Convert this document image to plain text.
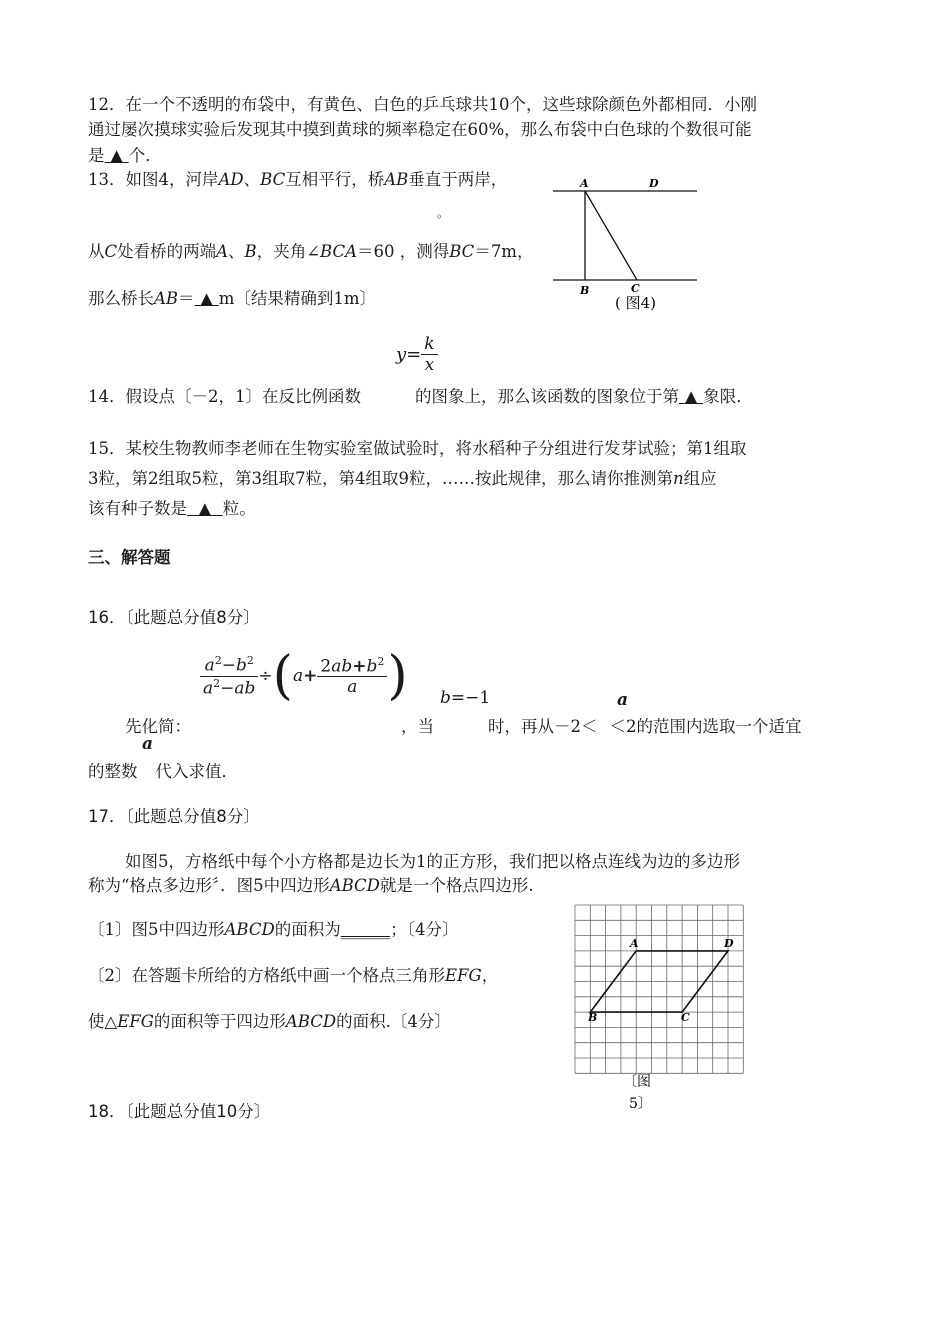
12．在一个不透明的布袋中，有黄色、白色的乒乓球共10个，这些球除颜色外都相同．小刚
通过屡次摸球实验后发现其中摸到黄球的频率稳定在60%，那么布袋中白色球的个数很可能
是 ▲ 个．
13．如图4，河岸AD、BC互相平行，桥AB垂直于两岸，
。
从C处看桥的两端A、B，夹角∠BCA＝60 ，测得BC＝7m，
那么桥长AB＝ ▲ m〔结果精确到1m〕
A	D
B	C
( 图4)
$y= \frac{k}{x}$
14．假设点〔－2，1〕在反比例函数	的图象上，那么该函数的图象位于第 ▲ 象限．
15．某校生物教师李老师在生物实验室做试验时，将水稻种子分组进行发芽试验；第1组取
3粒，第2组取5粒，第3组取7粒，第4组取9粒，……按此规律，那么请你推测第n组应
该有种子数是 ▲ 粒。
三、解答题
16．〔此题总分值8分〕
$\frac{a^2-b^2}{a^2-ab} \div(a+ \frac{2ab+b^2}{a}$ ) b=−1	a
先化简：	，当	时，再从－2＜ ＜2的范围内选取一个适宜
a
的整数 代入求值．
17．〔此题总分值8分〕
如图5，方格纸中每个小方格都是边长为1的正方形，我们把以格点连线为边的多边形
称为“格点多边形〞．图5中四边形ABCD就是一个格点四边形.
〔1〕图5中四边形ABCD的面积为______；〔4分〕
〔2〕在答题卡所给的方格纸中画一个格点三角形EFG，
使△EFG的面积等于四边形ABCD的面积.〔4分〕
A	D
B	C
〔图
5〕
18．〔此题总分值10分〕
